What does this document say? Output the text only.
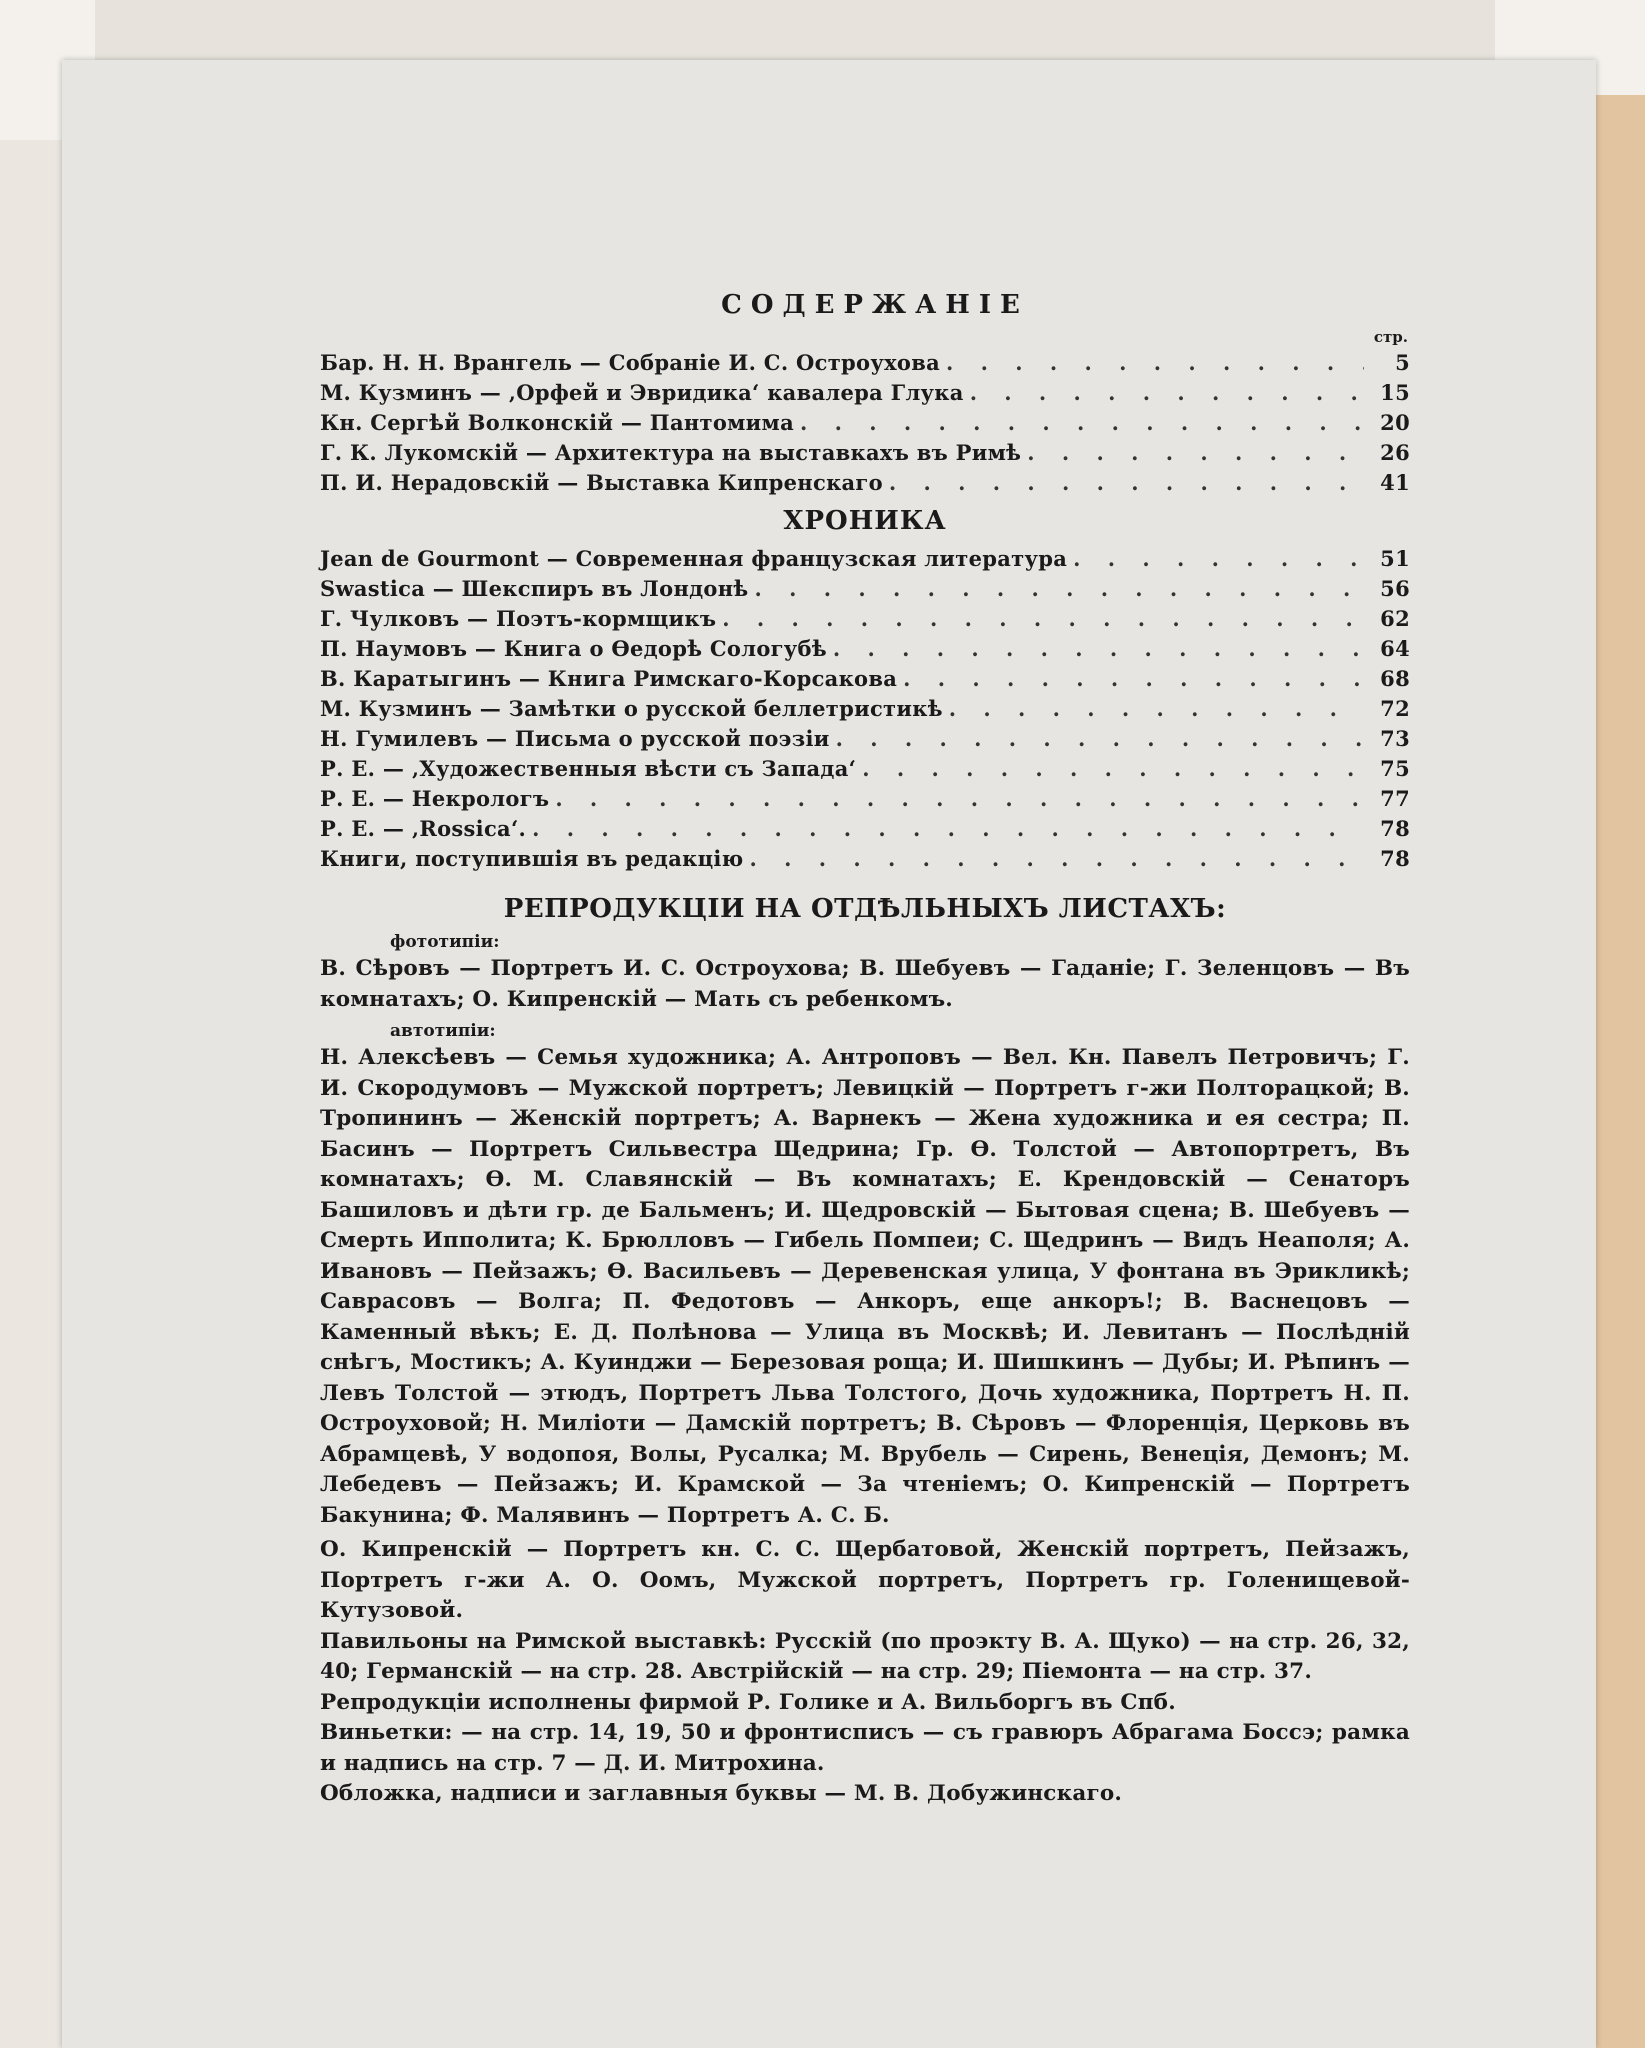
СОДЕРЖАНІЕ
стр.
Бар. Н. Н. Врангель — Собраніе И. С. Остроухова . . .	5
М. Кузминъ — ‚Орфей и Эвридика‘ кавалера Глука . . .	15
Кн. Сергѣй Волконскій — Пантомима . . .	20
Г. К. Лукомскій — Архитектура на выставкахъ въ Римѣ . . .	26
П. И. Нерадовскій — Выставка Кипренскаго . . .	41
ХРОНИКА
Jean de Gourmont — Современная французская литература . . .	51
Swastica — Шекспиръ въ Лондонѣ . . .	56
Г. Чулковъ — Поэтъ-кормщикъ . . .	62
П. Наумовъ — Книга о Ѳедорѣ Сологубѣ . . .	64
В. Каратыгинъ — Книга Римскаго-Корсакова . . .	68
М. Кузминъ — Замѣтки о русской беллетристикѣ . . .	72
Н. Гумилевъ — Письма о русской поэзіи . . .	73
Р. Е. — ‚Художественныя вѣсти съ Запада‘ . . .	75
Р. Е. — Некрологъ . . .	77
Р. Е. — ‚Rossica‘. . . .	78
Книги, поступившія въ редакцію . . .	78
РЕПРОДУКЦІИ НА ОТДѢЛЬНЫХЪ ЛИСТАХЪ:
фототипіи:

В. Сѣровъ — Портретъ И. С. Остроухова; В. Шебуевъ — Гаданіе; Г. Зеленцовъ — Въ комнатахъ; О. Кипренскій — Мать съ ребенкомъ.

автотипіи:

Н. Алексѣевъ — Семья художника; А. Антроповъ — Вел. Кн. Павелъ Петровичъ; Г. И. Скородумовъ — Мужской портретъ; Левицкій — Портретъ г-жи Полторацкой; В. Тропининъ — Женскій портретъ; А. Варнекъ — Жена художника и ея сестра; П. Басинъ — Портретъ Сильвестра Щедрина; Гр. Ѳ. Толстой — Автопортретъ, Въ комнатахъ; Ѳ. М. Славянскій — Въ комнатахъ; Е. Крендовскій — Сенаторъ Башиловъ и дѣти гр. де Бальменъ; И. Щедровскій — Бытовая сцена; В. Шебуевъ — Смерть Ипполита; К. Брюлловъ — Гибель Помпеи; С. Щедринъ — Видъ Неаполя; А. Ивановъ — Пейзажъ; Ѳ. Васильевъ — Деревенская улица, У фонтана въ Эрикликѣ; Саврасовъ — Волга; П. Федотовъ — Анкоръ, еще анкоръ!; В. Васнецовъ — Каменный вѣкъ; Е. Д. Полѣнова — Улица въ Москвѣ; И. Левитанъ — Послѣдній снѣгъ, Мостикъ; А. Куинджи — Березовая роща; И. Шишкинъ — Дубы; И. Рѣпинъ — Левъ Толстой — этюдъ, Портретъ Льва Толстого, Дочь художника, Портретъ Н. П. Остроуховой; Н. Миліоти — Дамскій портретъ; В. Сѣровъ — Флоренція, Церковь въ Абрамцевѣ, У водопоя, Волы, Русалка; М. Врубель — Сирень, Венеція, Демонъ; М. Лебедевъ — Пейзажъ; И. Крамской — За чтеніемъ; О. Кипренскій — Портретъ Бакунина; Ф. Малявинъ — Портретъ А. С. Б.

О. Кипренскій — Портретъ кн. С. С. Щербатовой, Женскій портретъ, Пейзажъ, Портретъ г-жи А. О. Оомъ, Мужской портретъ, Портретъ гр. Голенищевой-Кутузовой.

Павильоны на Римской выставкѣ: Русскій (по проэкту В. А. Щуко) — на стр. 26, 32, 40; Германскій — на стр. 28. Австрійскій — на стр. 29; Піемонта — на стр. 37.

Репродукціи исполнены фирмой Р. Голике и А. Вильборгъ въ Спб.

Виньетки: — на стр. 14, 19, 50 и фронтисписъ — съ гравюръ Абрагама Боссэ; рамка и надпись на стр. 7 — Д. И. Митрохина.

Обложка, надписи и заглавныя буквы — М. В. Добужинскаго.
